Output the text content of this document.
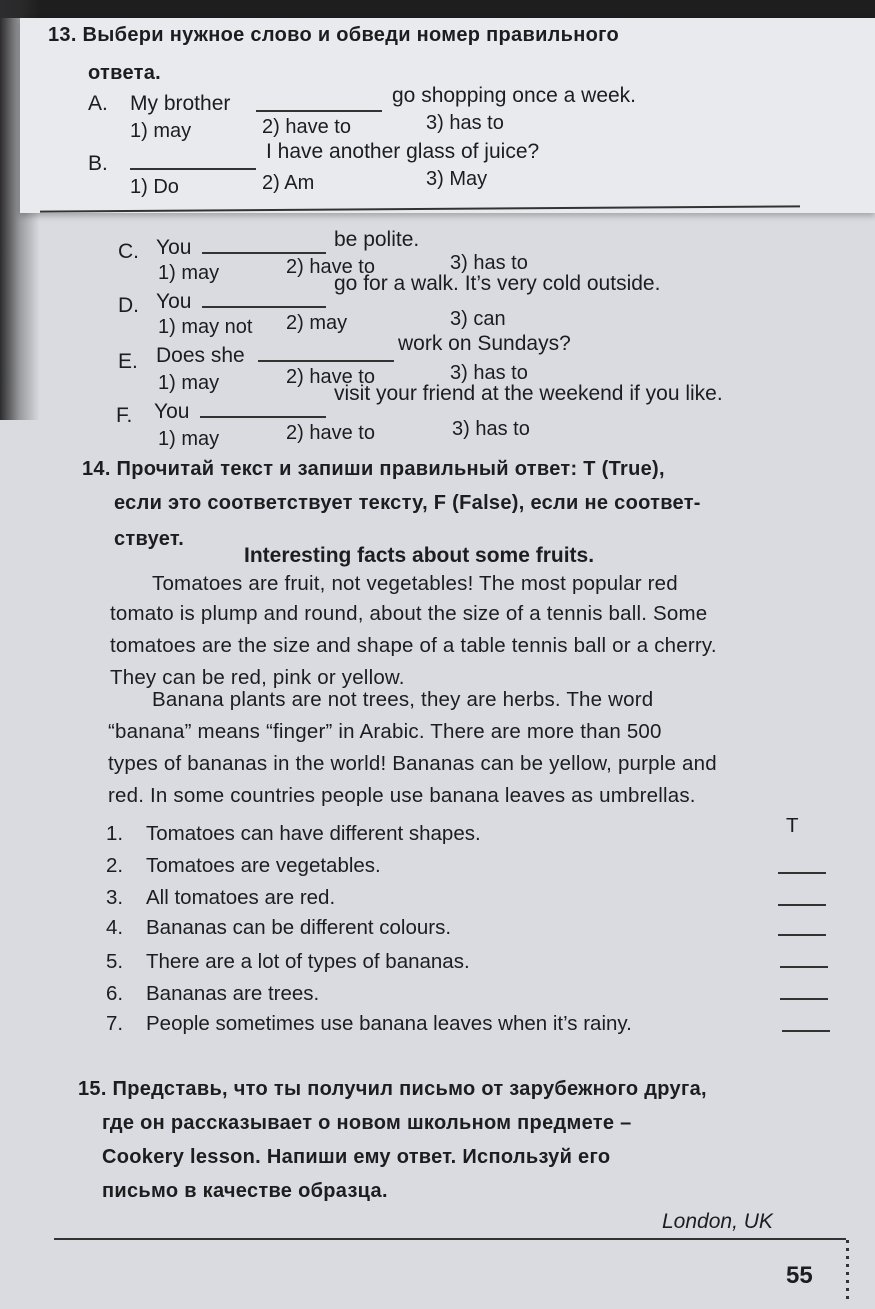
13. Выбери нужное слово и обведи номер правильного
ответа.
A. My brother	go shopping once a week.
1) may	2) have to	3) has to
B.
I have another glass of juice?
1) Do	2) Am	3) May
C. You	be polite.
1) may	2) have to	3) has to
D. You
go for a walk. It’s very cold outside.
1) may not 2) may	3) can
E. Does she
work on Sundays?
1) may	2) have to	3) has to
F. You
visit your friend at the weekend if you like.
1) may	2) have to	3) has to
14. Прочитай текст и запиши правильный ответ: T (True),
если это соответствует тексту, F (False), если не соответ-
ствует.
Interesting facts about some fruits.
Tomatoes are fruit, not vegetables! The most popular red
tomato is plump and round, about the size of a tennis ball. Some
tomatoes are the size and shape of a table tennis ball or a cherry.
They can be red, pink or yellow.
Banana plants are not trees, they are herbs. The word
“banana” means “finger” in Arabic. There are more than 500
types of bananas in the world! Bananas can be yellow, purple and
red. In some countries people use banana leaves as umbrellas.
1. Tomatoes can have different shapes.	T
2. Tomatoes are vegetables.
3. All tomatoes are red.
4. Bananas can be different colours.
5. There are a lot of types of bananas.
6. Bananas are trees.
7. People sometimes use banana leaves when it’s rainy.
15. Представь, что ты получил письмо от зарубежного друга,
где он рассказывает о новом школьном предмете –
Cookery lesson. Напиши ему ответ. Используй его
письмо в качестве образца.
London, UK
55
